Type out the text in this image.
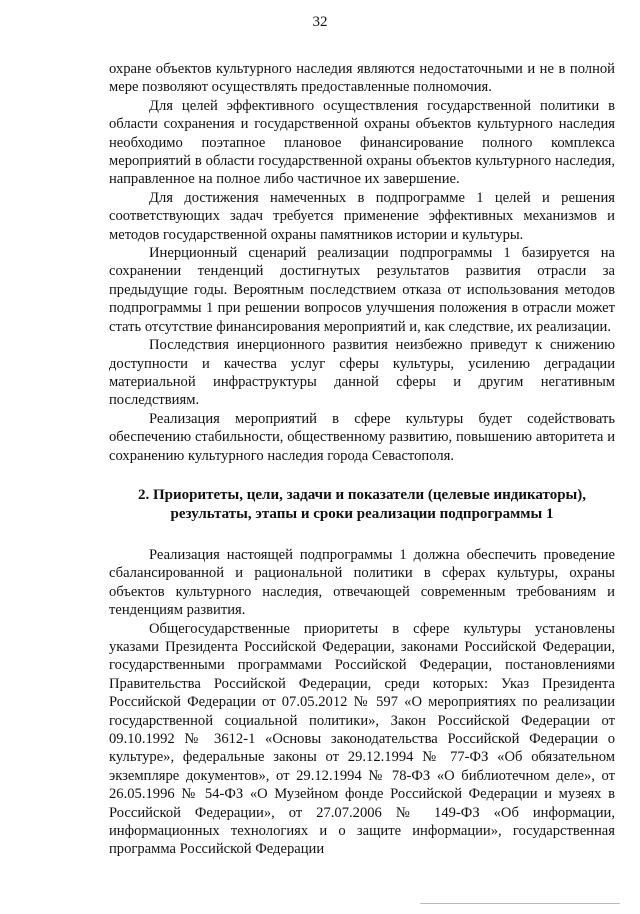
32

охране объектов культурного наследия являются недостаточными и не в полной мере позволяют осуществлять предоставленные полномочия.

Для целей эффективного осуществления государственной политики в области сохранения и государственной охраны объектов культурного наследия необходимо поэтапное плановое финансирование полного комплекса мероприятий в области государственной охраны объектов культурного наследия, направленное на полное либо частичное их завершение.

Для достижения намеченных в подпрограмме 1 целей и решения соответствующих задач требуется применение эффективных механизмов и методов государственной охраны памятников истории и культуры.

Инерционный сценарий реализации подпрограммы 1 базируется на сохранении тенденций достигнутых результатов развития отрасли за предыдущие годы. Вероятным последствием отказа от использования методов подпрограммы 1 при решении вопросов улучшения положения в отрасли может стать отсутствие финансирования мероприятий и, как следствие, их реализации.

Последствия инерционного развития неизбежно приведут к снижению доступности и качества услуг сферы культуры, усилению деградации материальной инфраструктуры данной сферы и другим негативным последствиям.

Реализация мероприятий в сфере культуры будет содействовать обеспечению стабильности, общественному развитию, повышению авторитета и сохранению культурного наследия города Севастополя.

2. Приоритеты, цели, задачи и показатели (целевые индикаторы),
результаты, этапы и сроки реализации подпрограммы 1

Реализация настоящей подпрограммы 1 должна обеспечить проведение сбалансированной и рациональной политики в сферах культуры, охраны объектов культурного наследия, отвечающей современным требованиям и тенденциям развития.

Общегосударственные приоритеты в сфере культуры установлены указами Президента Российской Федерации, законами Российской Федерации, государственными программами Российской Федерации, постановлениями Правительства Российской Федерации, среди которых: Указ Президента Российской Федерации от 07.05.2012 № 597 «О мероприятиях по реализации государственной социальной политики», Закон Российской Федерации от 09.10.1992 № 3612-1 «Основы законодательства Российской Федерации о культуре», федеральные законы от 29.12.1994 № 77-ФЗ «Об обязательном экземпляре документов», от 29.12.1994 № 78-ФЗ «О библиотечном деле», от 26.05.1996 № 54-ФЗ «О Музейном фонде Российской Федерации и музеях в Российской Федерации», от 27.07.2006 № 149-ФЗ «Об информации, информационных технологиях и о защите информации», государственная программа Российской Федерации
